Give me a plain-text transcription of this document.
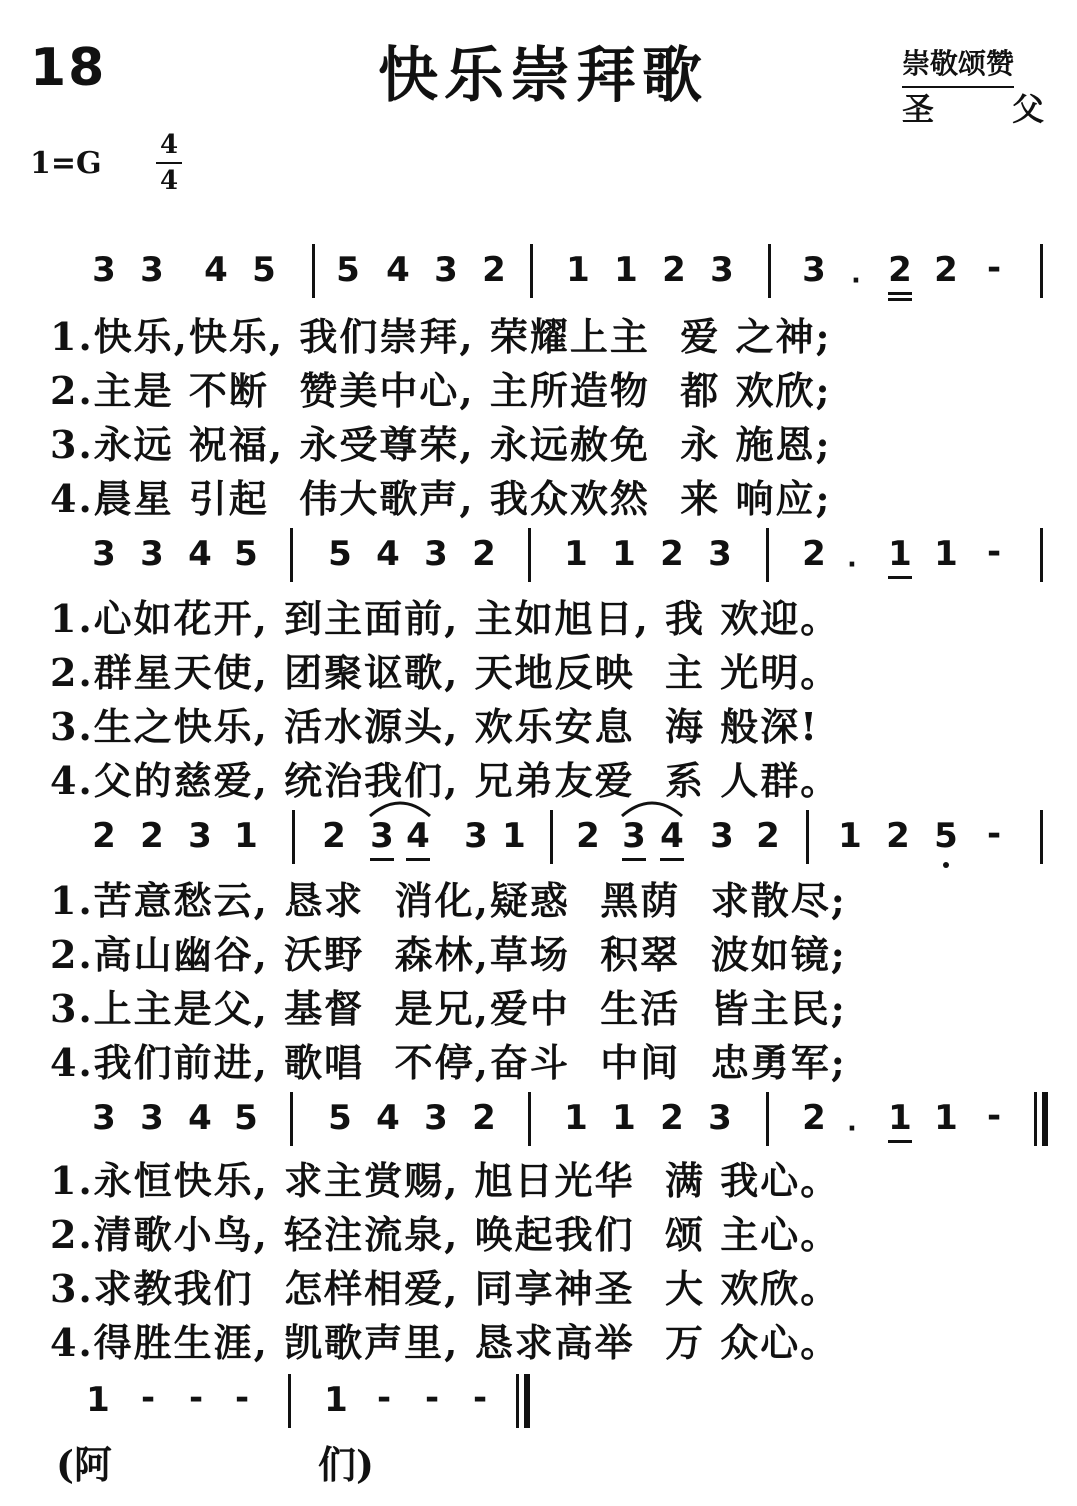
18	快乐崇拜歌	崇敬颂赞
圣 父
1=G
4
4
3 3 4 5 5 4 3 2 1 1 2 3 3 · 2 2 -
1.快乐,快乐, 我们崇拜, 荣耀上主  爱 之神;
2.主是 不断  赞美中心, 主所造物  都 欢欣;
3.永远 祝福, 永受尊荣, 永远赦免  永 施恩;
4.晨星 引起  伟大歌声, 我众欢然  来 响应;
3 3 4 5 5 4 3 2 1 1 2 3 2 · 1 1 -
1.心如花开, 到主面前, 主如旭日, 我 欢迎。
2.群星天使, 团聚讴歌, 天地反映  主 光明。
3.生之快乐, 活水源头, 欢乐安息  海 般深!
4.父的慈爱, 统治我们, 兄弟友爱  系 人群。
2 2 3 1 2 3 4 3 1 2 3 4 3 2 1 2 5 -
1.苦意愁云, 恳求  消化,疑惑  黑荫  求散尽;
2.高山幽谷, 沃野  森林,草场  积翠  波如镜;
3.上主是父, 基督  是兄,爱中  生活  皆主民;
4.我们前进, 歌唱  不停,奋斗  中间  忠勇军;
3 3 4 5 5 4 3 2 1 1 2 3 2 · 1 1 -
1.永恒快乐, 求主赏赐, 旭日光华  满 我心。
2.清歌小鸟, 轻注流泉, 唤起我们  颂 主心。
3.求教我们  怎样相爱, 同享神圣  大 欢欣。
4.得胜生涯, 凯歌声里, 恳求高举  万 众心。
1 - - - 1 - - -
(阿	们)
